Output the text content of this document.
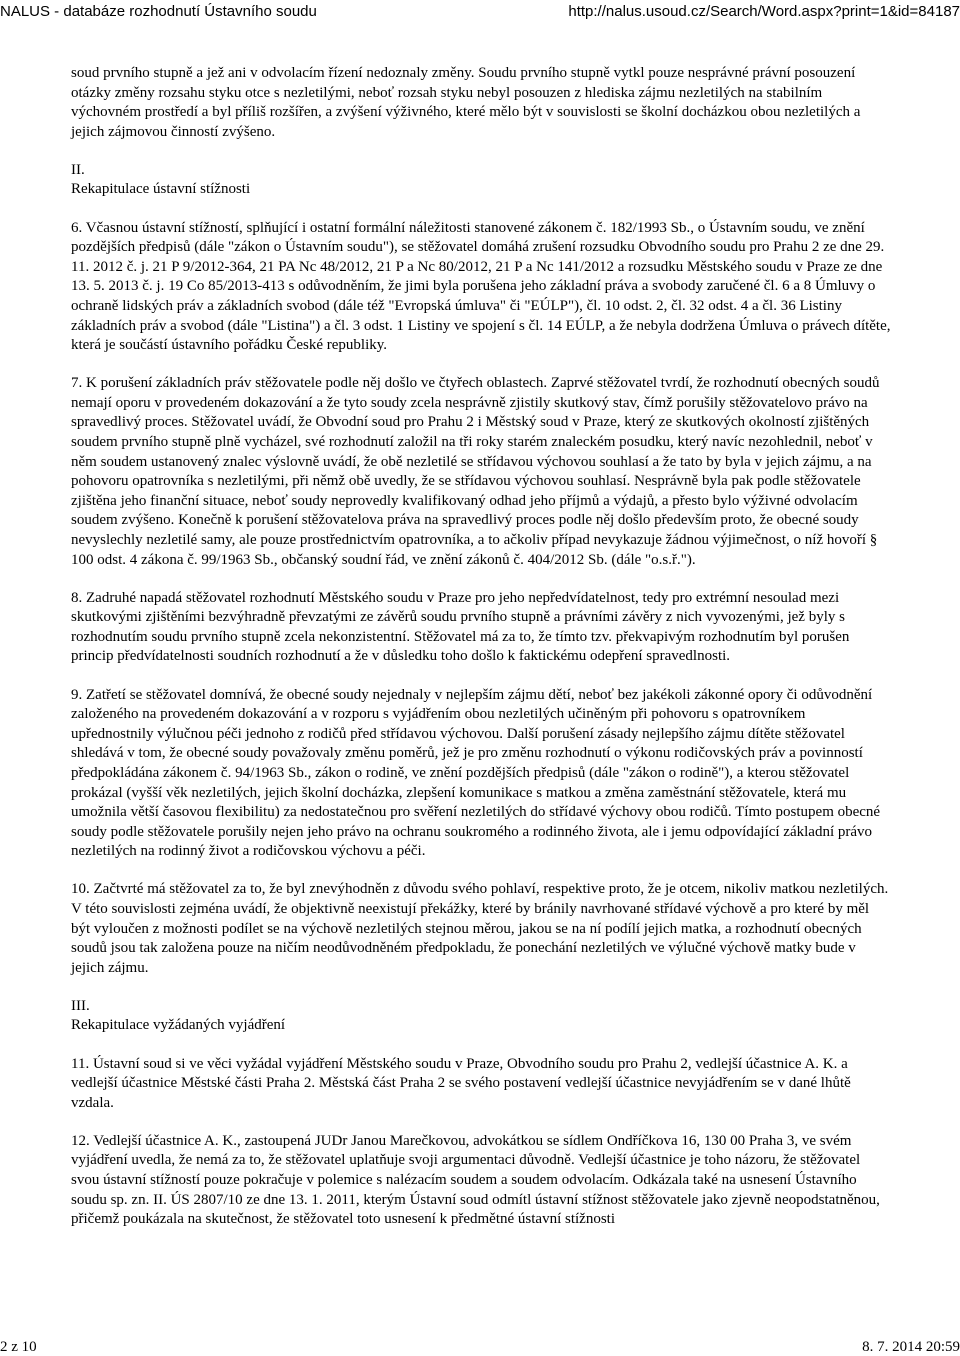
NALUS - databáze rozhodnutí Ústavního soudu	http://nalus.usoud.cz/Search/Word.aspx?print=1&id=84187

soud prvního stupně a jež ani v odvolacím řízení nedoznaly změny. Soudu prvního stupně vytkl pouze nesprávné právní posouzení otázky změny rozsahu styku otce s nezletilými, neboť rozsah styku nebyl posouzen z hlediska zájmu nezletilých na stabilním výchovném prostředí a byl příliš rozšířen, a zvýšení výživného, které mělo být v souvislosti se školní docházkou obou nezletilých a jejich zájmovou činností zvýšeno.

II.

Rekapitulace ústavní stížnosti

6. Včasnou ústavní stížností, splňující i ostatní formální náležitosti stanovené zákonem č. 182/1993 Sb., o Ústavním soudu, ve znění pozdějších předpisů (dále "zákon o Ústavním soudu"), se stěžovatel domáhá zrušení rozsudku Obvodního soudu pro Prahu 2 ze dne 29. 11. 2012 č. j. 21 P 9/2012-364, 21 PA Nc 48/2012, 21 P a Nc 80/2012, 21 P a Nc 141/2012 a rozsudku Městského soudu v Praze ze dne 13. 5. 2013 č. j. 19 Co 85/2013-413 s odůvodněním, že jimi byla porušena jeho základní práva a svobody zaručené čl. 6 a 8 Úmluvy o ochraně lidských práv a základních svobod (dále též "Evropská úmluva" či "EÚLP"), čl. 10 odst. 2, čl. 32 odst. 4 a čl. 36 Listiny základních práv a svobod (dále "Listina") a čl. 3 odst. 1 Listiny ve spojení s čl. 14 EÚLP, a že nebyla dodržena Úmluva o právech dítěte, která je součástí ústavního pořádku České republiky.

7. K porušení základních práv stěžovatele podle něj došlo ve čtyřech oblastech. Zaprvé stěžovatel tvrdí, že rozhodnutí obecných soudů nemají oporu v provedeném dokazování a že tyto soudy zcela nesprávně zjistily skutkový stav, čímž porušily stěžovatelovo právo na spravedlivý proces. Stěžovatel uvádí, že Obvodní soud pro Prahu 2 i Městský soud v Praze, který ze skutkových okolností zjištěných soudem prvního stupně plně vycházel, své rozhodnutí založil na tři roky starém znaleckém posudku, který navíc nezohlednil, neboť v něm soudem ustanovený znalec výslovně uvádí, že obě nezletilé se střídavou výchovou souhlasí a že tato by byla v jejich zájmu, a na pohovoru opatrovníka s nezletilými, při němž obě uvedly, že se střídavou výchovou souhlasí. Nesprávně byla pak podle stěžovatele zjištěna jeho finanční situace, neboť soudy neprovedly kvalifikovaný odhad jeho příjmů a výdajů, a přesto bylo výživné odvolacím soudem zvýšeno. Konečně k porušení stěžovatelova práva na spravedlivý proces podle něj došlo především proto, že obecné soudy nevyslechly nezletilé samy, ale pouze prostřednictvím opatrovníka, a to ačkoliv případ nevykazuje žádnou výjimečnost, o níž hovoří § 100 odst. 4 zákona č. 99/1963 Sb., občanský soudní řád, ve znění zákonů č. 404/2012 Sb. (dále "o.s.ř.").

8. Zadruhé napadá stěžovatel rozhodnutí Městského soudu v Praze pro jeho nepředvídatelnost, tedy pro extrémní nesoulad mezi skutkovými zjištěními bezvýhradně převzatými ze závěrů soudu prvního stupně a právními závěry z nich vyvozenými, jež byly s rozhodnutím soudu prvního stupně zcela nekonzistentní. Stěžovatel má za to, že tímto tzv. překvapivým rozhodnutím byl porušen princip předvídatelnosti soudních rozhodnutí a že v důsledku toho došlo k faktickému odepření spravedlnosti.

9. Zatřetí se stěžovatel domnívá, že obecné soudy nejednaly v nejlepším zájmu dětí, neboť bez jakékoli zákonné opory či odůvodnění založeného na provedeném dokazování a v rozporu s vyjádřením obou nezletilých učiněným při pohovoru s opatrovníkem upřednostnily výlučnou péči jednoho z rodičů před střídavou výchovou. Další porušení zásady nejlepšího zájmu dítěte stěžovatel shledává v tom, že obecné soudy považovaly změnu poměrů, jež je pro změnu rozhodnutí o výkonu rodičovských práv a povinností předpokládána zákonem č. 94/1963 Sb., zákon o rodině, ve znění pozdějších předpisů (dále "zákon o rodině"), a kterou stěžovatel prokázal (vyšší věk nezletilých, jejich školní docházka, zlepšení komunikace s matkou a změna zaměstnání stěžovatele, která mu umožnila větší časovou flexibilitu) za nedostatečnou pro svěření nezletilých do střídavé výchovy obou rodičů. Tímto postupem obecné soudy podle stěžovatele porušily nejen jeho právo na ochranu soukromého a rodinného života, ale i jemu odpovídající základní právo nezletilých na rodinný život a rodičovskou výchovu a péči.

10. Začtvrté má stěžovatel za to, že byl znevýhodněn z důvodu svého pohlaví, respektive proto, že je otcem, nikoliv matkou nezletilých. V této souvislosti zejména uvádí, že objektivně neexistují překážky, které by bránily navrhované střídavé výchově a pro které by měl být vyloučen z možnosti podílet se na výchově nezletilých stejnou měrou, jakou se na ní podílí jejich matka, a rozhodnutí obecných soudů jsou tak založena pouze na ničím neodůvodněném předpokladu, že ponechání nezletilých ve výlučné výchově matky bude v jejich zájmu.

III.

Rekapitulace vyžádaných vyjádření

11. Ústavní soud si ve věci vyžádal vyjádření Městského soudu v Praze, Obvodního soudu pro Prahu 2, vedlejší účastnice A. K. a vedlejší účastnice Městské části Praha 2. Městská část Praha 2 se svého postavení vedlejší účastnice nevyjádřením se v dané lhůtě vzdala.

12. Vedlejší účastnice A. K., zastoupená JUDr Janou Marečkovou, advokátkou se sídlem Ondříčkova 16, 130 00 Praha 3, ve svém vyjádření uvedla, že nemá za to, že stěžovatel uplatňuje svoji argumentaci důvodně. Vedlejší účastnice je toho názoru, že stěžovatel svou ústavní stížností pouze pokračuje v polemice s nalézacím soudem a soudem odvolacím. Odkázala také na usnesení Ústavního soudu sp. zn. II. ÚS 2807/10 ze dne 13. 1. 2011, kterým Ústavní soud odmítl ústavní stížnost stěžovatele jako zjevně neopodstatněnou, přičemž poukázala na skutečnost, že stěžovatel toto usnesení k předmětné ústavní stížnosti

2 z 10	8. 7. 2014 20:59
